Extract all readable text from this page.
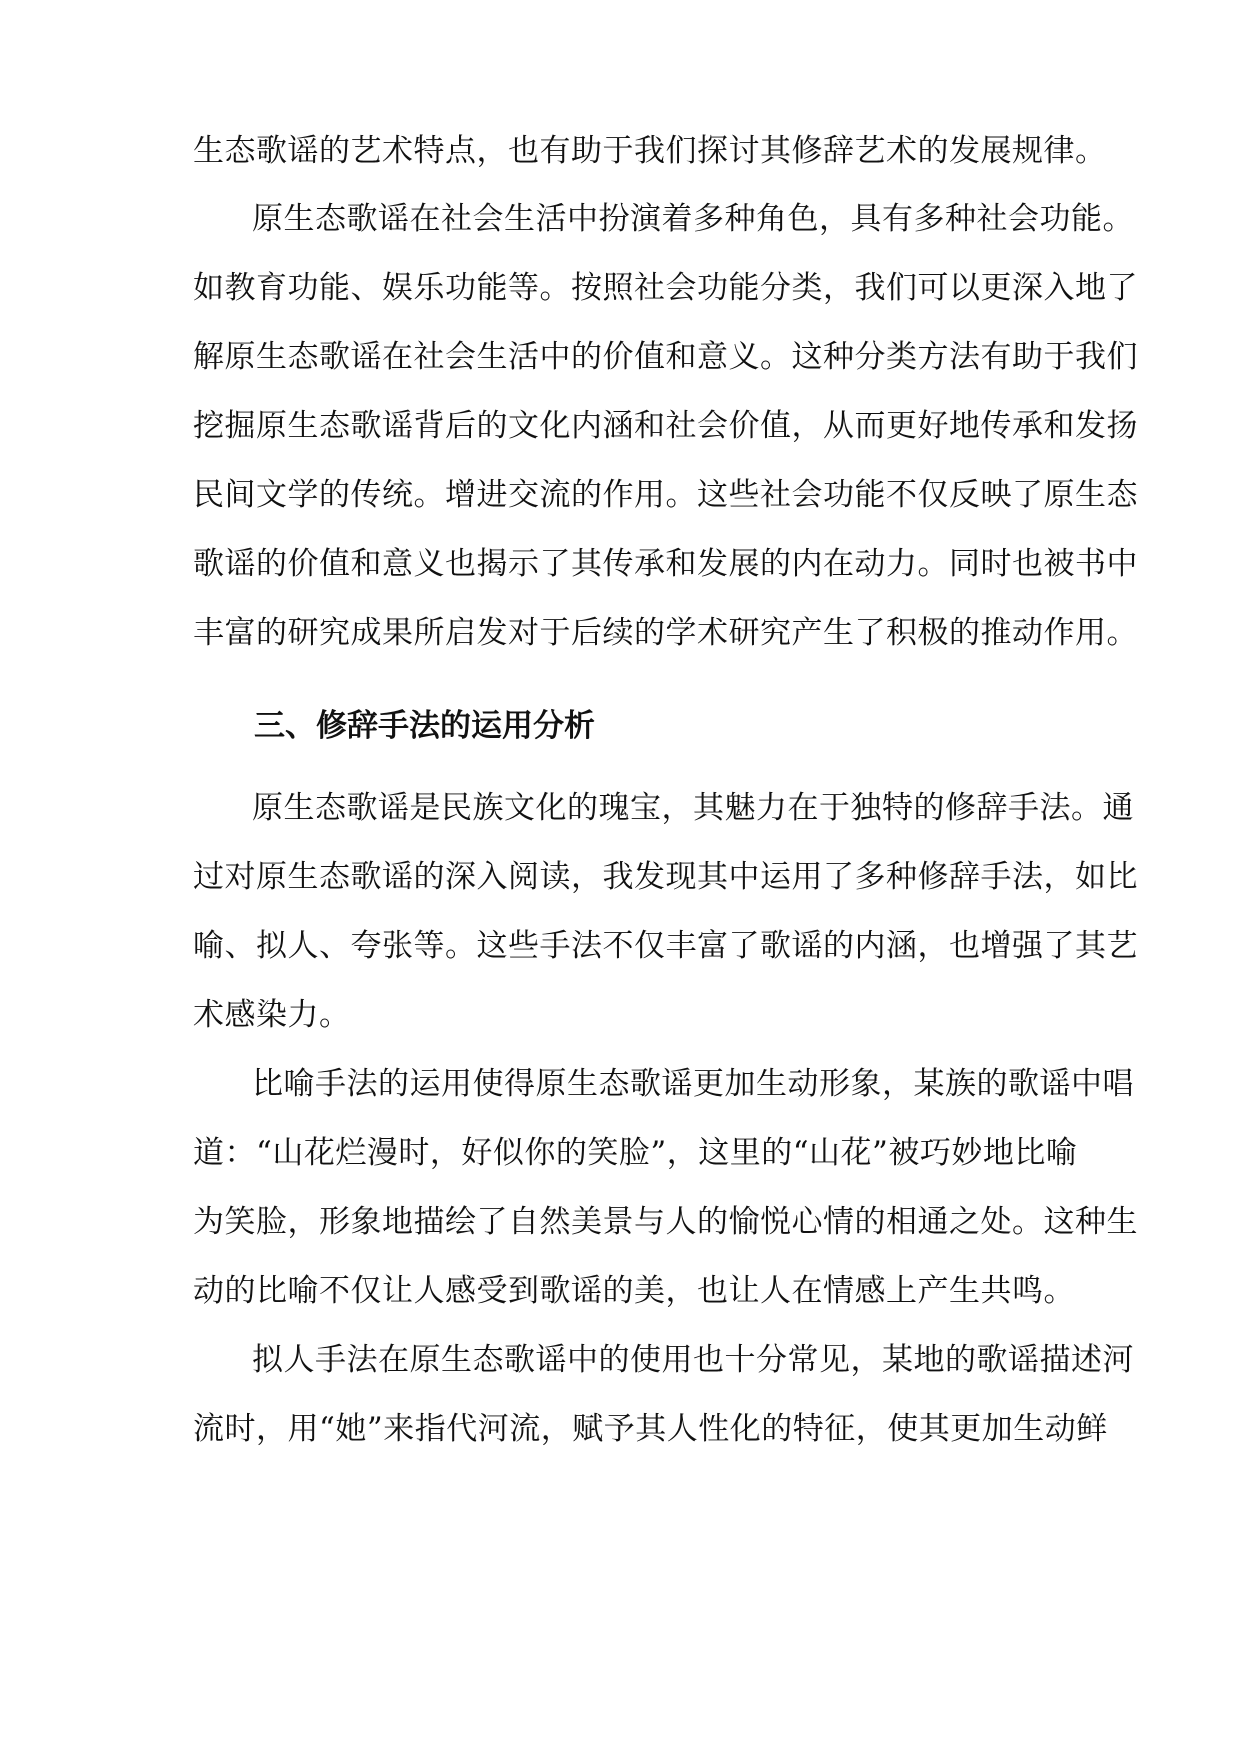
生态歌谣的艺术特点，也有助于我们探讨其修辞艺术的发展规律。
原生态歌谣在社会生活中扮演着多种角色，具有多种社会功能。
如教育功能、娱乐功能等。按照社会功能分类，我们可以更深入地了
解原生态歌谣在社会生活中的价值和意义。这种分类方法有助于我们
挖掘原生态歌谣背后的文化内涵和社会价值，从而更好地传承和发扬
民间文学的传统。增进交流的作用。这些社会功能不仅反映了原生态
歌谣的价值和意义也揭示了其传承和发展的内在动力。同时也被书中
丰富的研究成果所启发对于后续的学术研究产生了积极的推动作用。
三、修辞手法的运用分析
原生态歌谣是民族文化的瑰宝，其魅力在于独特的修辞手法。通
过对原生态歌谣的深入阅读，我发现其中运用了多种修辞手法，如比
喻、拟人、夸张等。这些手法不仅丰富了歌谣的内涵，也增强了其艺
术感染力。
比喻手法的运用使得原生态歌谣更加生动形象，某族的歌谣中唱
道：“山花烂漫时，好似你的笑脸”，这里的“山花”被巧妙地比喻
为笑脸，形象地描绘了自然美景与人的愉悦心情的相通之处。这种生
动的比喻不仅让人感受到歌谣的美，也让人在情感上产生共鸣。
拟人手法在原生态歌谣中的使用也十分常见，某地的歌谣描述河
流时，用“她”来指代河流，赋予其人性化的特征，使其更加生动鲜
